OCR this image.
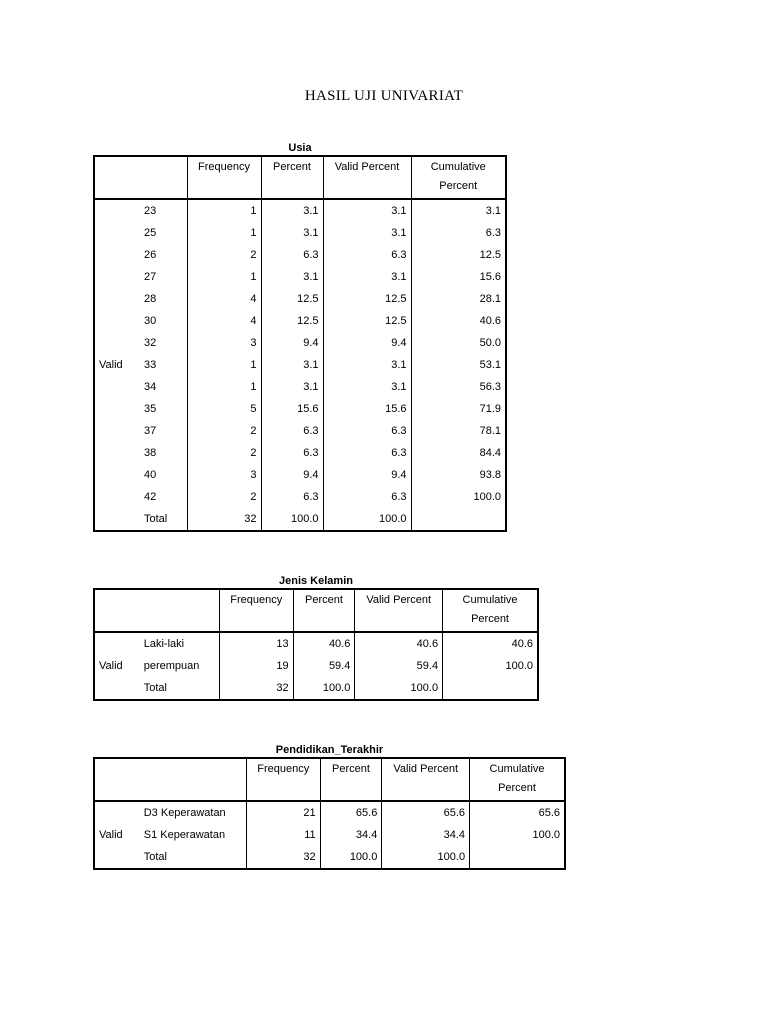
HASIL UJI UNIVARIAT
Usia
		Frequency	Percent	Valid Percent	Cumulative
Percent
Valid	23	1	3.1	3.1	3.1
	25	1	3.1	3.1	6.3
	26	2	6.3	6.3	12.5
	27	1	3.1	3.1	15.6
	28	4	12.5	12.5	28.1
	30	4	12.5	12.5	40.6
	32	3	9.4	9.4	50.0
	33	1	3.1	3.1	53.1
	34	1	3.1	3.1	56.3
	35	5	15.6	15.6	71.9
	37	2	6.3	6.3	78.1
	38	2	6.3	6.3	84.4
	40	3	9.4	9.4	93.8
	42	2	6.3	6.3	100.0
	Total	32	100.0	100.0	
Jenis Kelamin
		Frequency	Percent	Valid Percent	Cumulative
Percent
Valid	Laki-laki	13	40.6	40.6	40.6
	perempuan	19	59.4	59.4	100.0
	Total	32	100.0	100.0	
Pendidikan_Terakhir
		Frequency	Percent	Valid Percent	Cumulative
Percent
Valid	D3 Keperawatan	21	65.6	65.6	65.6
	S1 Keperawatan	11	34.4	34.4	100.0
	Total	32	100.0	100.0	
